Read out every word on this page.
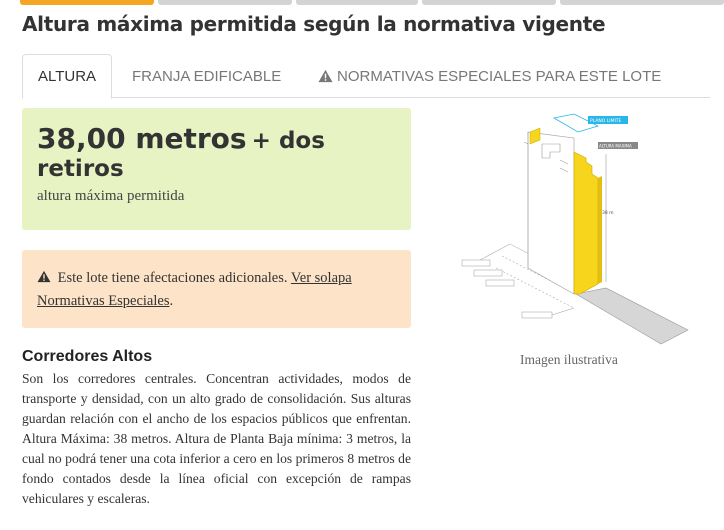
Altura máxima permitida según la normativa vigente
ALTURA FRANJA EDIFICABLE	NORMATIVAS ESPECIALES PARA ESTE LOTE
38,00 metros + dos retiros
altura máxima permitida
Este lote tiene afectaciones adicionales. Ver solapa Normativas Especiales.
Corredores Altos

Son los corredores centrales. Concentran actividades, modos de transporte y densidad, con un alto grado de consolidación. Sus alturas guardan relación con el ancho de los espacios públicos que enfrentan. Altura Máxima: 38 metros. Altura de Planta Baja mínima: 3 metros, la cual no podrá tener una cota inferior a cero en los primeros 8 metros de fondo contados desde la línea oficial con excepción de rampas vehiculares y escaleras.

PLANO LIMITE
ALTURA MAXIMA
38 m
Imagen ilustrativa
